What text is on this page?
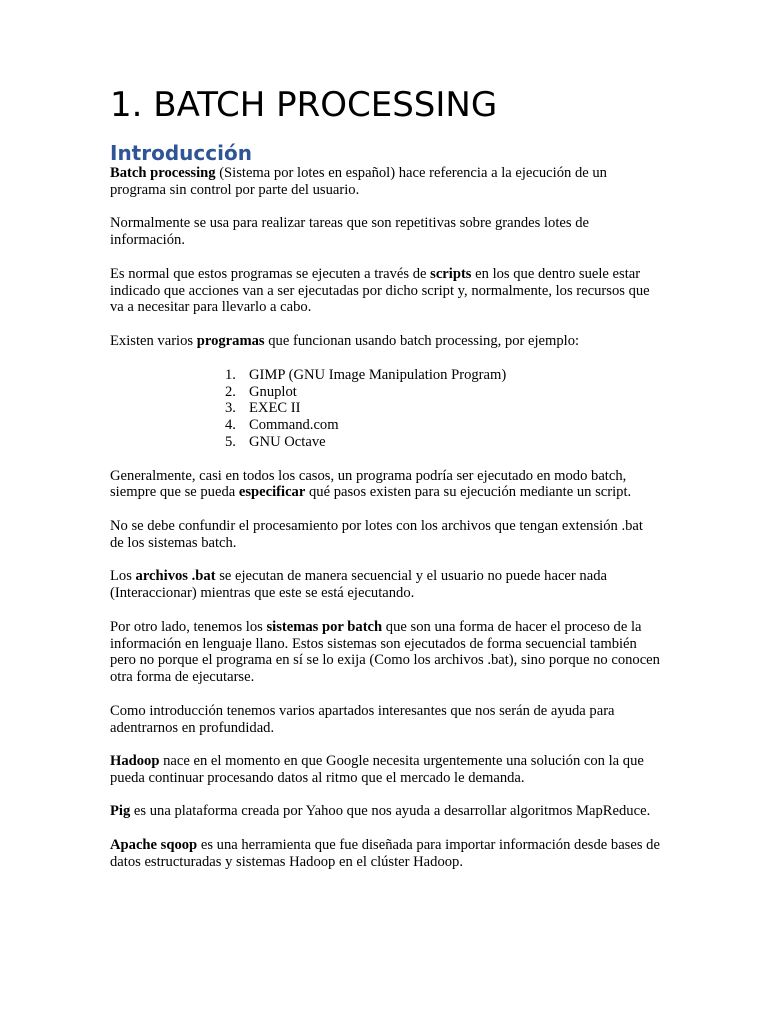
1. BATCH PROCESSING
Introducción

Batch processing (Sistema por lotes en español) hace referencia a la ejecución de un programa sin control por parte del usuario.

Normalmente se usa para realizar tareas que son repetitivas sobre grandes lotes de información.

Es normal que estos programas se ejecuten a través de scripts en los que dentro suele estar indicado que acciones van a ser ejecutadas por dicho script y, normalmente, los recursos que va a necesitar para llevarlo a cabo.

Existen varios programas que funcionan usando batch processing, por ejemplo:

1. GIMP (GNU Image Manipulation Program)
2. Gnuplot
3. EXEC II
4. Command.com
5. GNU Octave

Generalmente, casi en todos los casos, un programa podría ser ejecutado en modo batch, siempre que se pueda especificar qué pasos existen para su ejecución mediante un script.

No se debe confundir el procesamiento por lotes con los archivos que tengan extensión .bat de los sistemas batch.

Los archivos .bat se ejecutan de manera secuencial y el usuario no puede hacer nada (Interaccionar) mientras que este se está ejecutando.

Por otro lado, tenemos los sistemas por batch que son una forma de hacer el proceso de la información en lenguaje llano. Estos sistemas son ejecutados de forma secuencial también pero no porque el programa en sí se lo exija (Como los archivos .bat), sino porque no conocen otra forma de ejecutarse.

Como introducción tenemos varios apartados interesantes que nos serán de ayuda para adentrarnos en profundidad.

Hadoop nace en el momento en que Google necesita urgentemente una solución con la que pueda continuar procesando datos al ritmo que el mercado le demanda.

Pig es una plataforma creada por Yahoo que nos ayuda a desarrollar algoritmos MapReduce.

Apache sqoop es una herramienta que fue diseñada para importar información desde bases de datos estructuradas y sistemas Hadoop en el clúster Hadoop.
